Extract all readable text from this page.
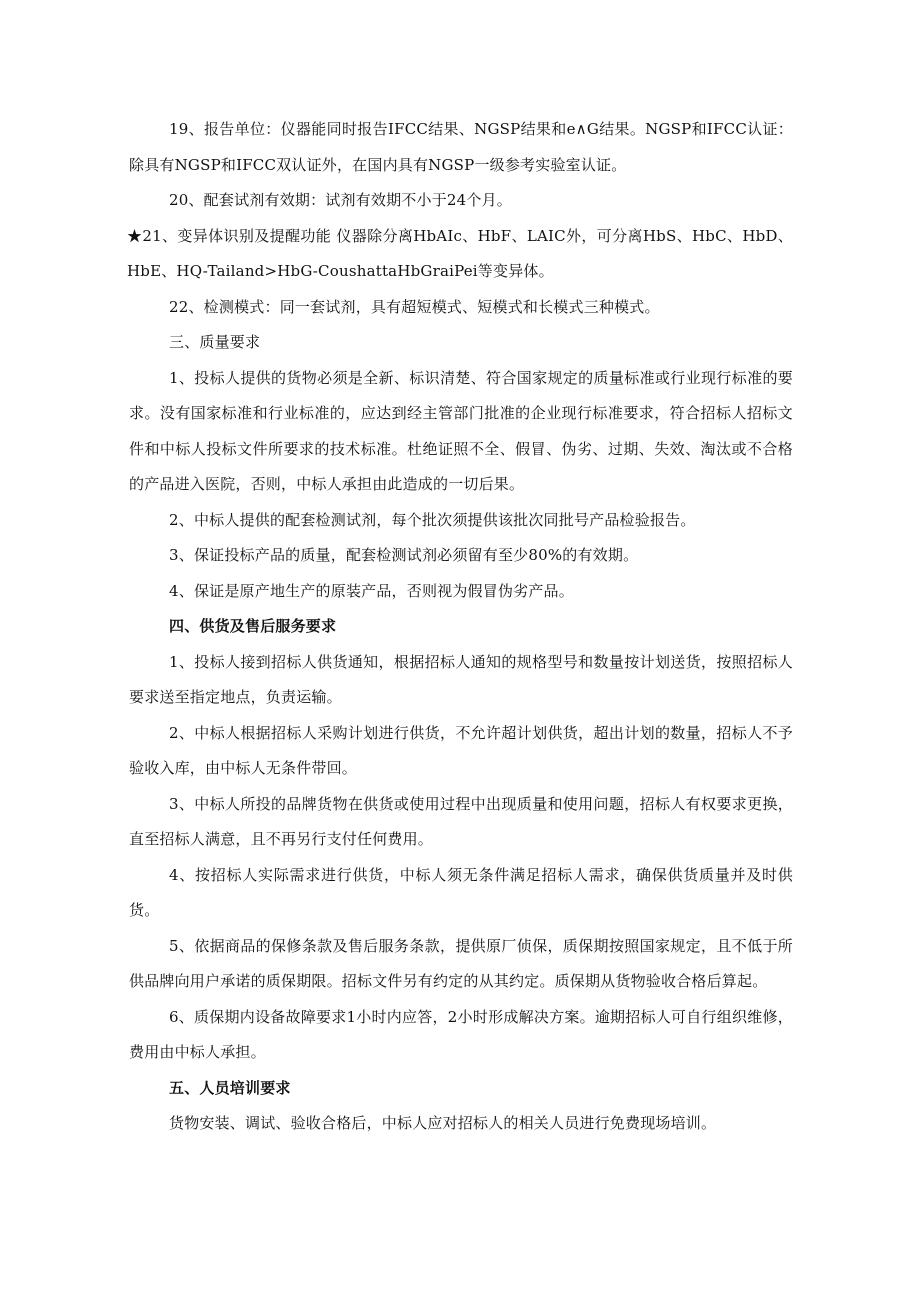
19、报告单位：仪器能同时报告IFCC结果、NGSP结果和e∧G结果。NGSP和IFCC认证：除具有NGSP和IFCC双认证外，在国内具有NGSP一级参考实验室认证。

20、配套试剂有效期：试剂有效期不小于24个月。

★21、变异体识别及提醒功能 仪器除分离HbAIc、HbF、LAIC外，可分离HbS、HbC、HbD、HbE、HQ-Tailand>HbG-CoushattaHbGraiPei等变异体。

22、检测模式：同一套试剂，具有超短模式、短模式和长模式三种模式。

三、质量要求

1、投标人提供的货物必须是全新、标识清楚、符合国家规定的质量标准或行业现行标准的要求。没有国家标准和行业标准的，应达到经主管部门批准的企业现行标准要求，符合招标人招标文件和中标人投标文件所要求的技术标准。杜绝证照不全、假冒、伪劣、过期、失效、淘汰或不合格的产品进入医院，否则，中标人承担由此造成的一切后果。

2、中标人提供的配套检测试剂，每个批次须提供该批次同批号产品检验报告。

3、保证投标产品的质量，配套检测试剂必须留有至少80%的有效期。

4、保证是原产地生产的原装产品，否则视为假冒伪劣产品。

四、供货及售后服务要求

1、投标人接到招标人供货通知，根据招标人通知的规格型号和数量按计划送货，按照招标人要求送至指定地点，负责运输。

2、中标人根据招标人采购计划进行供货，不允许超计划供货，超出计划的数量，招标人不予验收入库，由中标人无条件带回。

3、中标人所投的品牌货物在供货或使用过程中出现质量和使用问题，招标人有权要求更换，直至招标人满意，且不再另行支付任何费用。

4、按招标人实际需求进行供货，中标人须无条件满足招标人需求，确保供货质量并及时供货。

5、依据商品的保修条款及售后服务条款，提供原厂侦保，质保期按照国家规定，且不低于所供品牌向用户承诺的质保期限。招标文件另有约定的从其约定。质保期从货物验收合格后算起。

6、质保期内设备故障要求1小时内应答，2小时形成解决方案。逾期招标人可自行组织维修，费用由中标人承担。

五、人员培训要求

货物安装、调试、验收合格后，中标人应对招标人的相关人员进行免费现场培训。
